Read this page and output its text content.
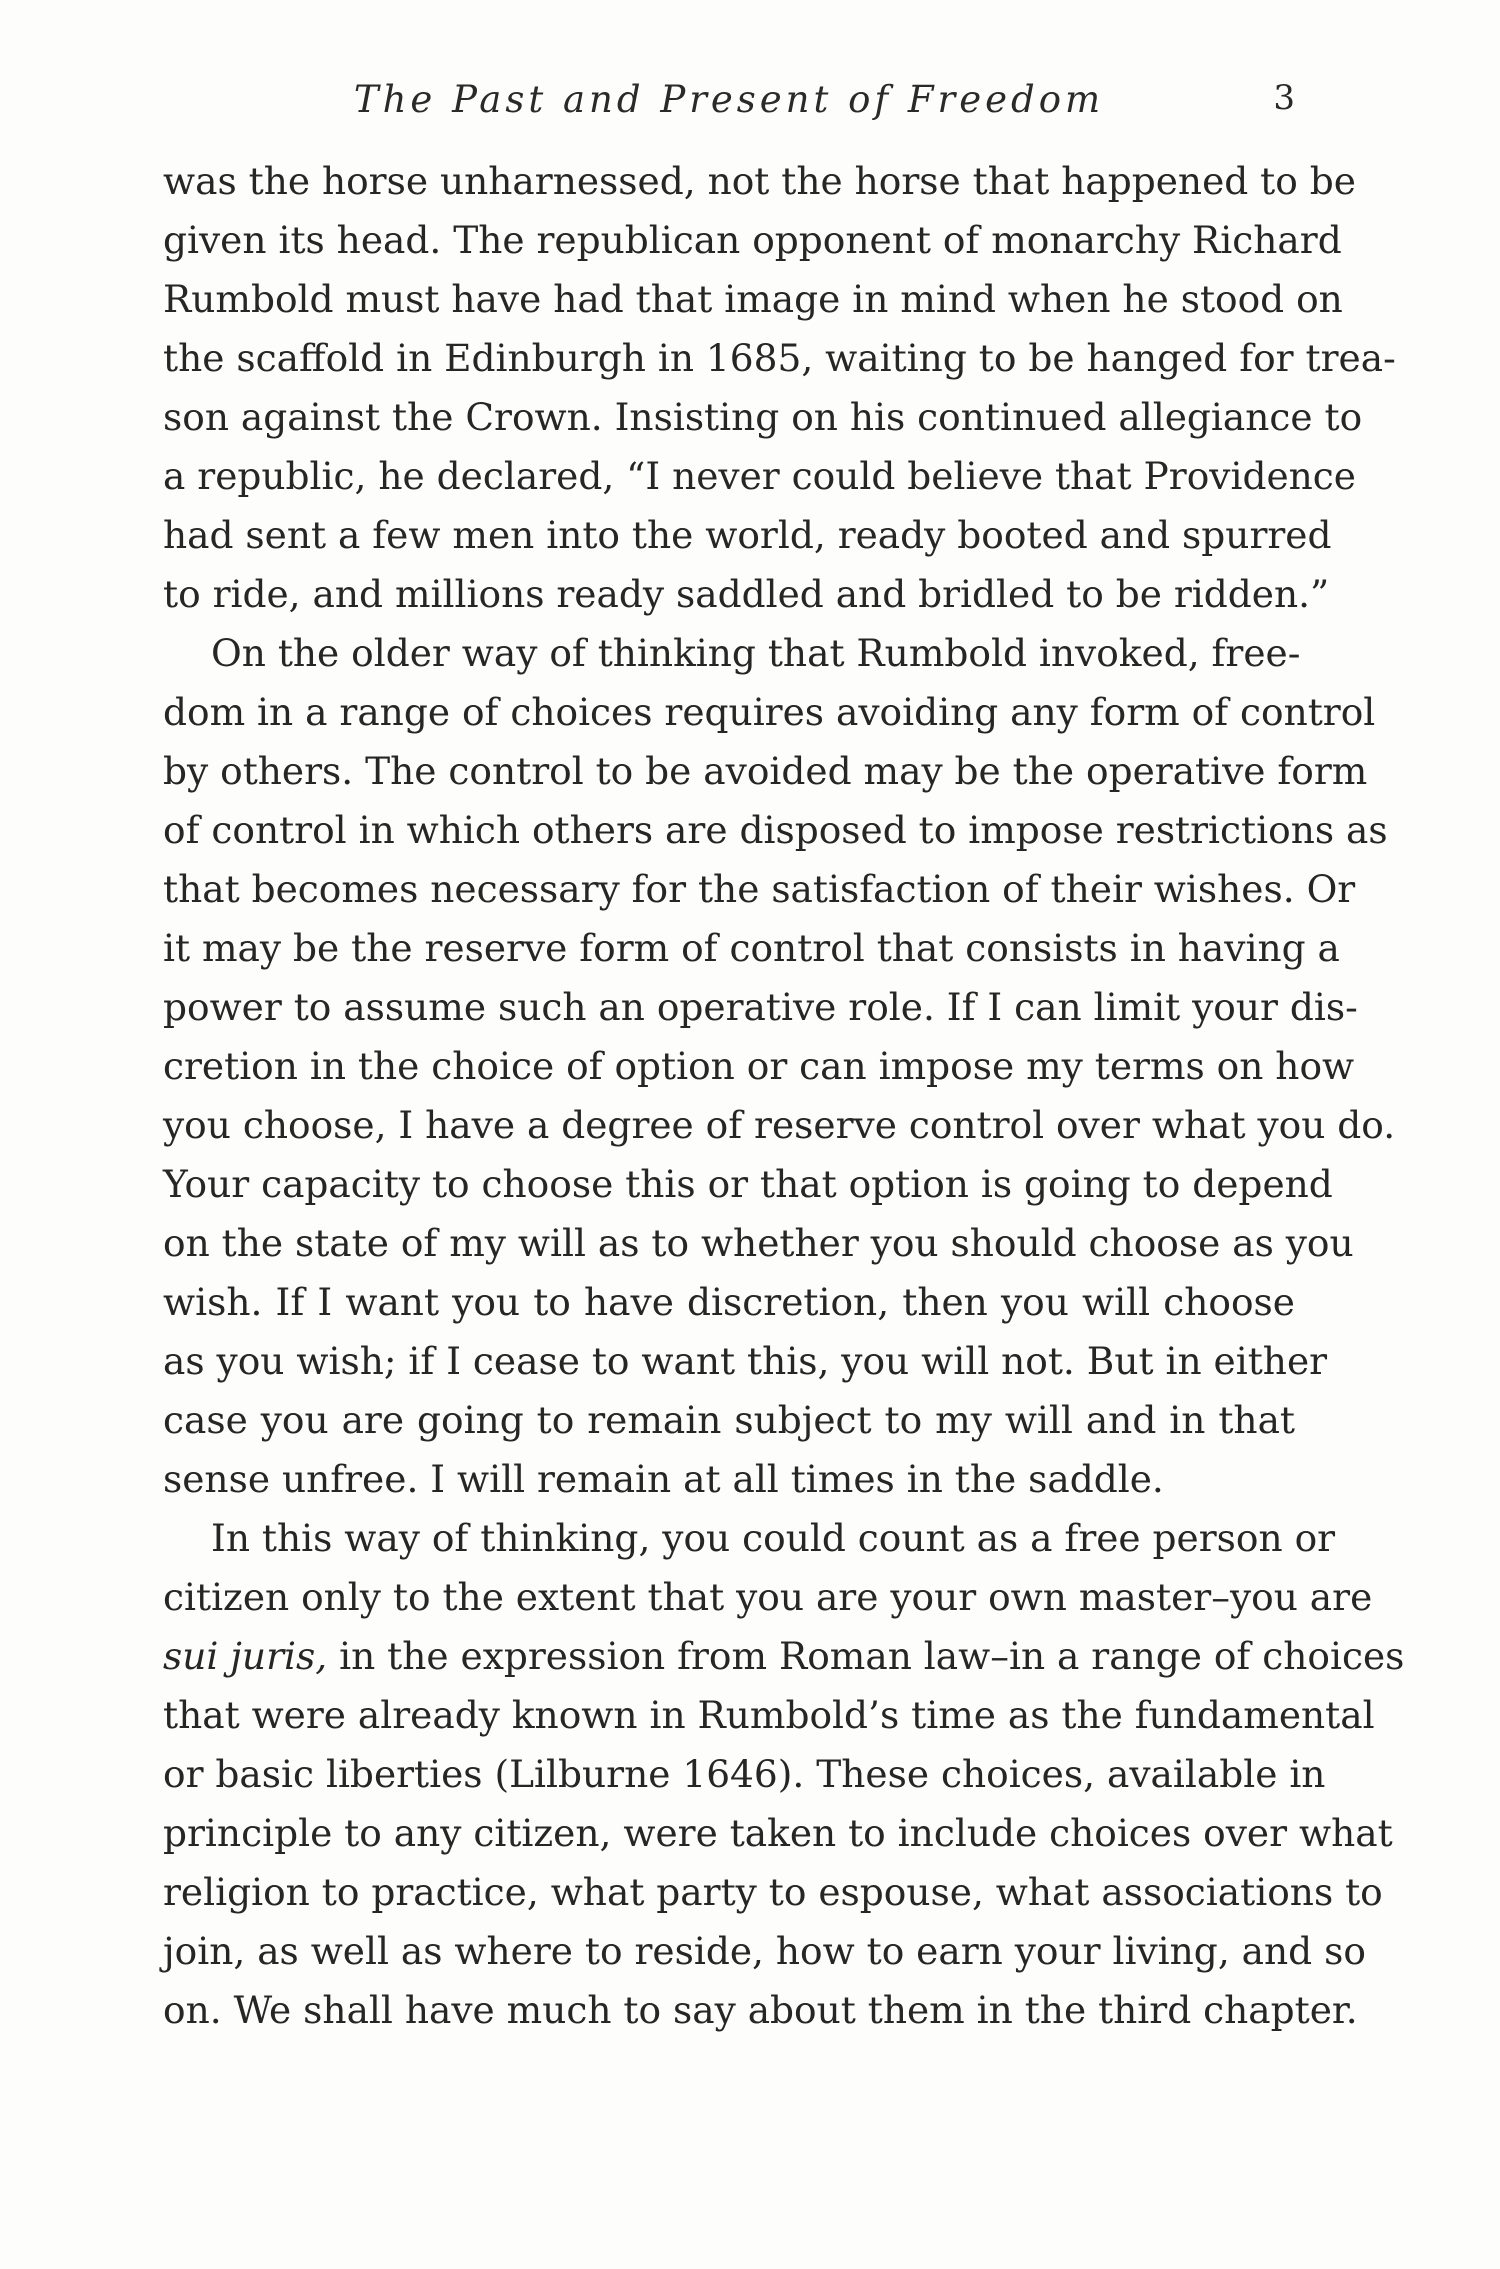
The Past and Present of Freedom	3

was the horse unharnessed, not the horse that happened to be
given its head. The republican opponent of monarchy Richard
Rumbold must have had that image in mind when he stood on
the scaffold in Edinburgh in 1685, waiting to be hanged for trea-
son against the Crown. Insisting on his continued allegiance to
a republic, he declared, “I never could believe that Providence
had sent a few men into the world, ready booted and spurred
to ride, and millions ready saddled and bridled to be ridden.”

On the older way of thinking that Rumbold invoked, free-
dom in a range of choices requires avoiding any form of control
by others. The control to be avoided may be the operative form
of control in which others are disposed to impose restrictions as
that becomes necessary for the satisfaction of their wishes. Or
it may be the reserve form of control that consists in having a
power to assume such an operative role. If I can limit your dis-
cretion in the choice of option or can impose my terms on how
you choose, I have a degree of reserve control over what you do.
Your capacity to choose this or that option is going to depend
on the state of my will as to whether you should choose as you
wish. If I want you to have discretion, then you will choose
as you wish; if I cease to want this, you will not. But in either
case you are going to remain subject to my will and in that
sense unfree. I will remain at all times in the saddle.

In this way of thinking, you could count as a free person or
citizen only to the extent that you are your own master–you are
sui juris, in the expression from Roman law–in a range of choices
that were already known in Rumbold’s time as the fundamental
or basic liberties (Lilburne 1646). These choices, available in
principle to any citizen, were taken to include choices over what
religion to practice, what party to espouse, what associations to
join, as well as where to reside, how to earn your living, and so
on. We shall have much to say about them in the third chapter.
